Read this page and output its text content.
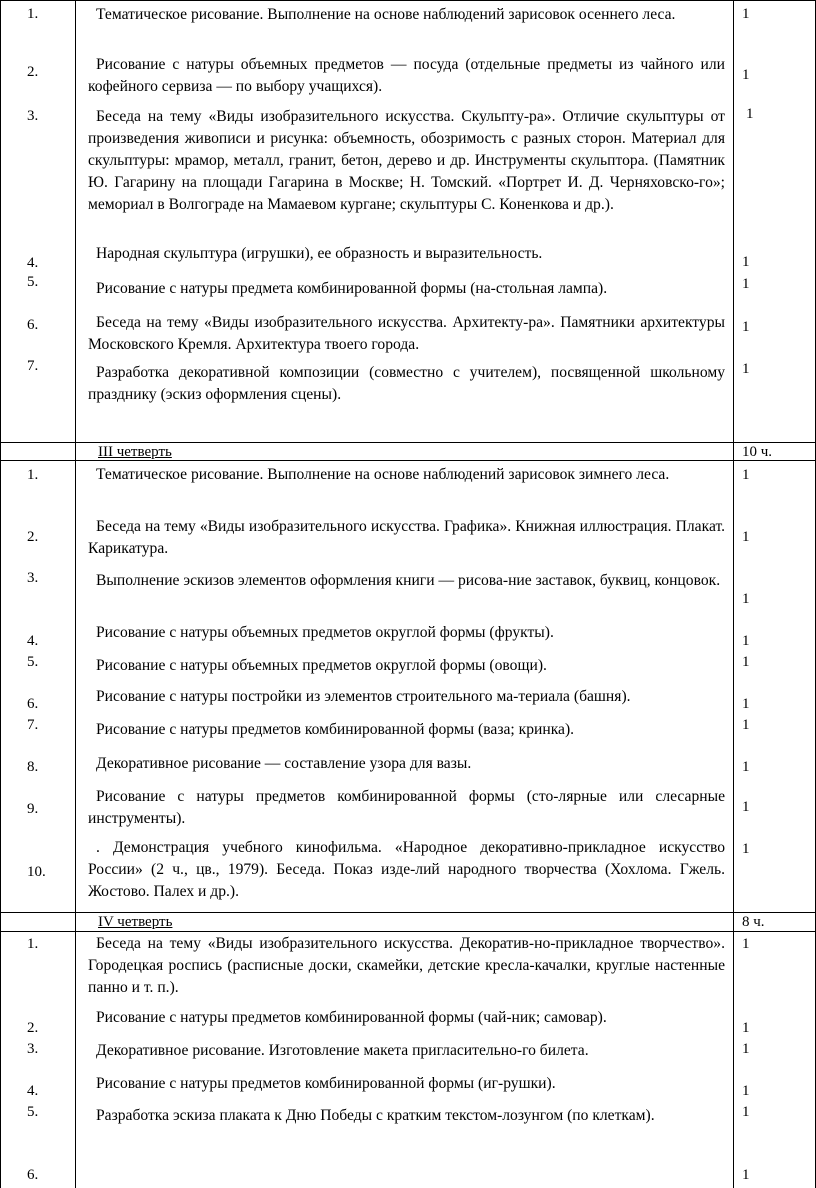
1.
2.
3.
4.
5.
6.
7.
Тематическое рисование. Выполнение на основе наблюдений зарисовок осеннего леса.
Рисование с натуры объемных предметов — посуда (отдельные предметы из чайного или кофейного сервиза — по выбору учащихся).
Беседа на тему «Виды изобразительного искусства. Скульпту-ра». Отличие скульптуры от произведения живописи и рисунка: объемность, обозримость с разных сторон. Материал для скульптуры: мрамор, металл, гранит, бетон, дерево и др. Инструменты скульптора. (Памятник Ю. Гагарину на площади Гагарина в Москве; Н. Томский. «Портрет И. Д. Черняховско-го»; мемориал в Волгограде на Мамаевом кургане; скульптуры С. Коненкова и др.).
Народная скульптура (игрушки), ее образность и выразительность.
Рисование с натуры предмета комбинированной формы (на-стольная лампа).
Беседа на тему «Виды изобразительного искусства. Архитекту-ра». Памятники архитектуры Московского Кремля. Архитектура твоего города.
Разработка декоративной композиции (совместно с учителем), посвященной школьному празднику (эскиз оформления сцены).
1
1
1
1
1
1
1
III четверть	10 ч.
1.
2.
3.
4.
5.
6.
7.
8.
9.
10.
Тематическое рисование. Выполнение на основе наблюдений зарисовок зимнего леса.
Беседа на тему «Виды изобразительного искусства. Графика». Книжная иллюстрация. Плакат. Карикатура.
Выполнение эскизов элементов оформления книги — рисова-ние заставок, буквиц, концовок.
Рисование с натуры объемных предметов округлой формы (фрукты).
Рисование с натуры объемных предметов округлой формы (овощи).
Рисование с натуры постройки из элементов строительного ма-териала (башня).
Рисование с натуры предметов комбинированной формы (ваза; кринка).
Декоративное рисование — составление узора для вазы.
Рисование с натуры предметов комбинированной формы (сто-лярные или слесарные инструменты).
. Демонстрация учебного кинофильма. «Народное декоративно-прикладное искусство России» (2 ч., цв., 1979). Беседа. Показ изде-лий народного творчества (Хохлома. Гжель. Жостово. Палех и др.).
1
1
1
1
1
1
1
1
1
1
IV четверть	8 ч.
1.
2.
3.
4.
5.
6.
Беседа на тему «Виды изобразительного искусства. Декоратив-но-прикладное творчество». Городецкая роспись (расписные доски, скамейки, детские кресла-качалки, круглые настенные панно и т. п.).
Рисование с натуры предметов комбинированной формы (чай-ник; самовар).
Декоративное рисование. Изготовление макета пригласительно-го билета.
Рисование с натуры предметов комбинированной формы (иг-рушки).
Разработка эскиза плаката к Дню Победы с кратким текстом-лозунгом (по клеткам).
1
1
1
1
1
1
